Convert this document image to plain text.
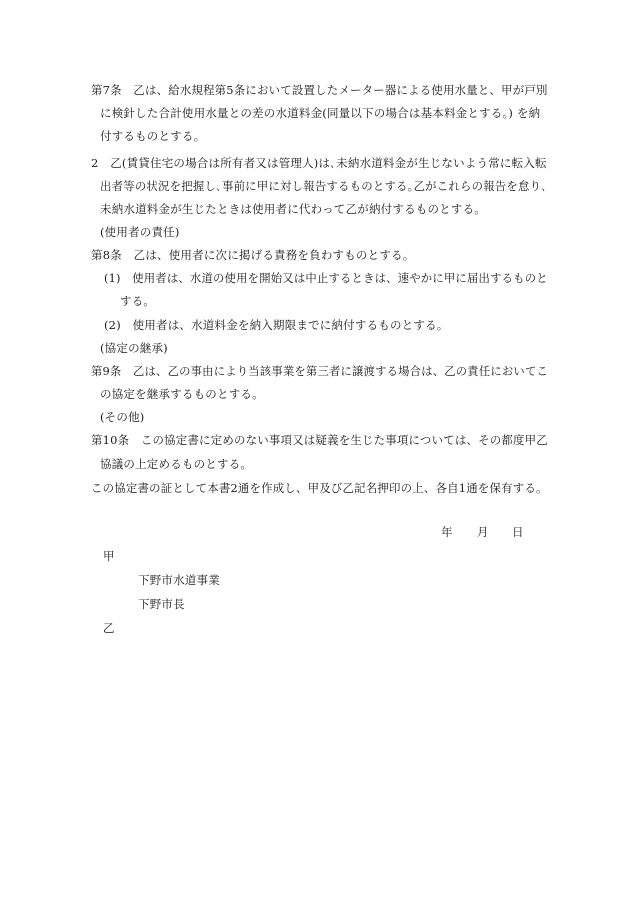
第7条　乙は、給水規程第5条において設置したメーター器による使用水量と、甲が戸別
に検針した合計使用水量との差の水道料金(同量以下の場合は基本料金とする。) を納
付するものとする。
2　乙(賃貸住宅の場合は所有者又は管理人)は､未納水道料金が生じないよう常に転入転
出者等の状況を把握し､事前に甲に対し報告するものとする｡乙がこれらの報告を怠り､
未納水道料金が生じたときは使用者に代わって乙が納付するものとする。
(使用者の責任)
第8条　乙は、使用者に次に掲げる責務を負わすものとする。
(1)　使用者は、水道の使用を開始又は中止するときは、速やかに甲に届出するものと
する。
(2)　使用者は、水道料金を納入期限までに納付するものとする。
(協定の継承)
第9条　乙は、乙の事由により当該事業を第三者に譲渡する場合は、乙の責任においてこ
の協定を継承するものとする。
(その他)
第10条　この協定書に定めのない事項又は疑義を生じた事項については、その都度甲乙
協議の上定めるものとする。
この協定書の証として本書2通を作成し、甲及び乙記名押印の上、各自1通を保有する。
年 月 日
甲
下野市水道事業
下野市長
乙
